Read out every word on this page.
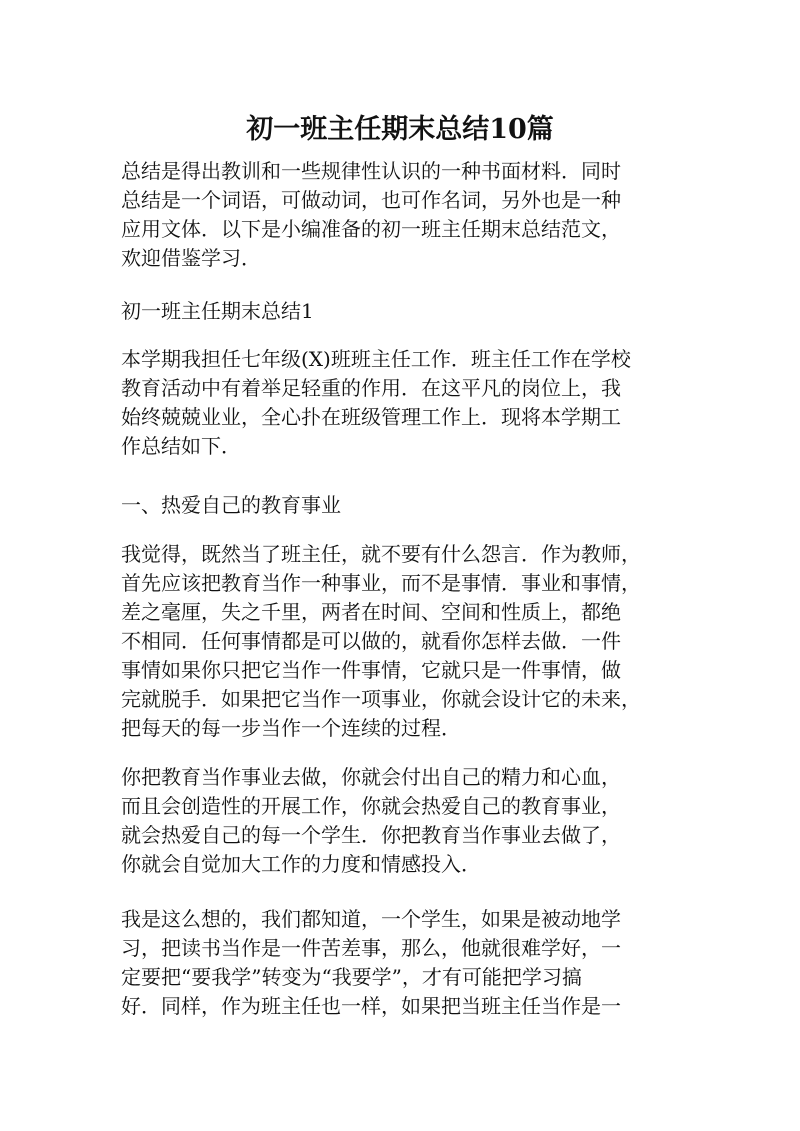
初一班主任期末总结10篇

总结是得出教训和一些规律性认识的一种书面材料．同时
总结是一个词语，可做动词，也可作名词，另外也是一种
应用文体．以下是小编准备的初一班主任期末总结范文，
欢迎借鉴学习．

初一班主任期末总结1

本学期我担任七年级(X)班班主任工作．班主任工作在学校
教育活动中有着举足轻重的作用．在这平凡的岗位上，我
始终兢兢业业，全心扑在班级管理工作上．现将本学期工
作总结如下．

一、热爱自己的教育事业

我觉得，既然当了班主任，就不要有什么怨言．作为教师，
首先应该把教育当作一种事业，而不是事情．事业和事情，
差之毫厘，失之千里，两者在时间、空间和性质上，都绝
不相同．任何事情都是可以做的，就看你怎样去做．一件
事情如果你只把它当作一件事情，它就只是一件事情，做
完就脱手．如果把它当作一项事业，你就会设计它的未来，
把每天的每一步当作一个连续的过程．

你把教育当作事业去做，你就会付出自己的精力和心血，
而且会创造性的开展工作，你就会热爱自己的教育事业，
就会热爱自己的每一个学生．你把教育当作事业去做了，
你就会自觉加大工作的力度和情感投入．

我是这么想的，我们都知道，一个学生，如果是被动地学
习，把读书当作是一件苦差事，那么，他就很难学好，一
定要把“要我学”转变为“我要学”，才有可能把学习搞
好．同样，作为班主任也一样，如果把当班主任当作是一
